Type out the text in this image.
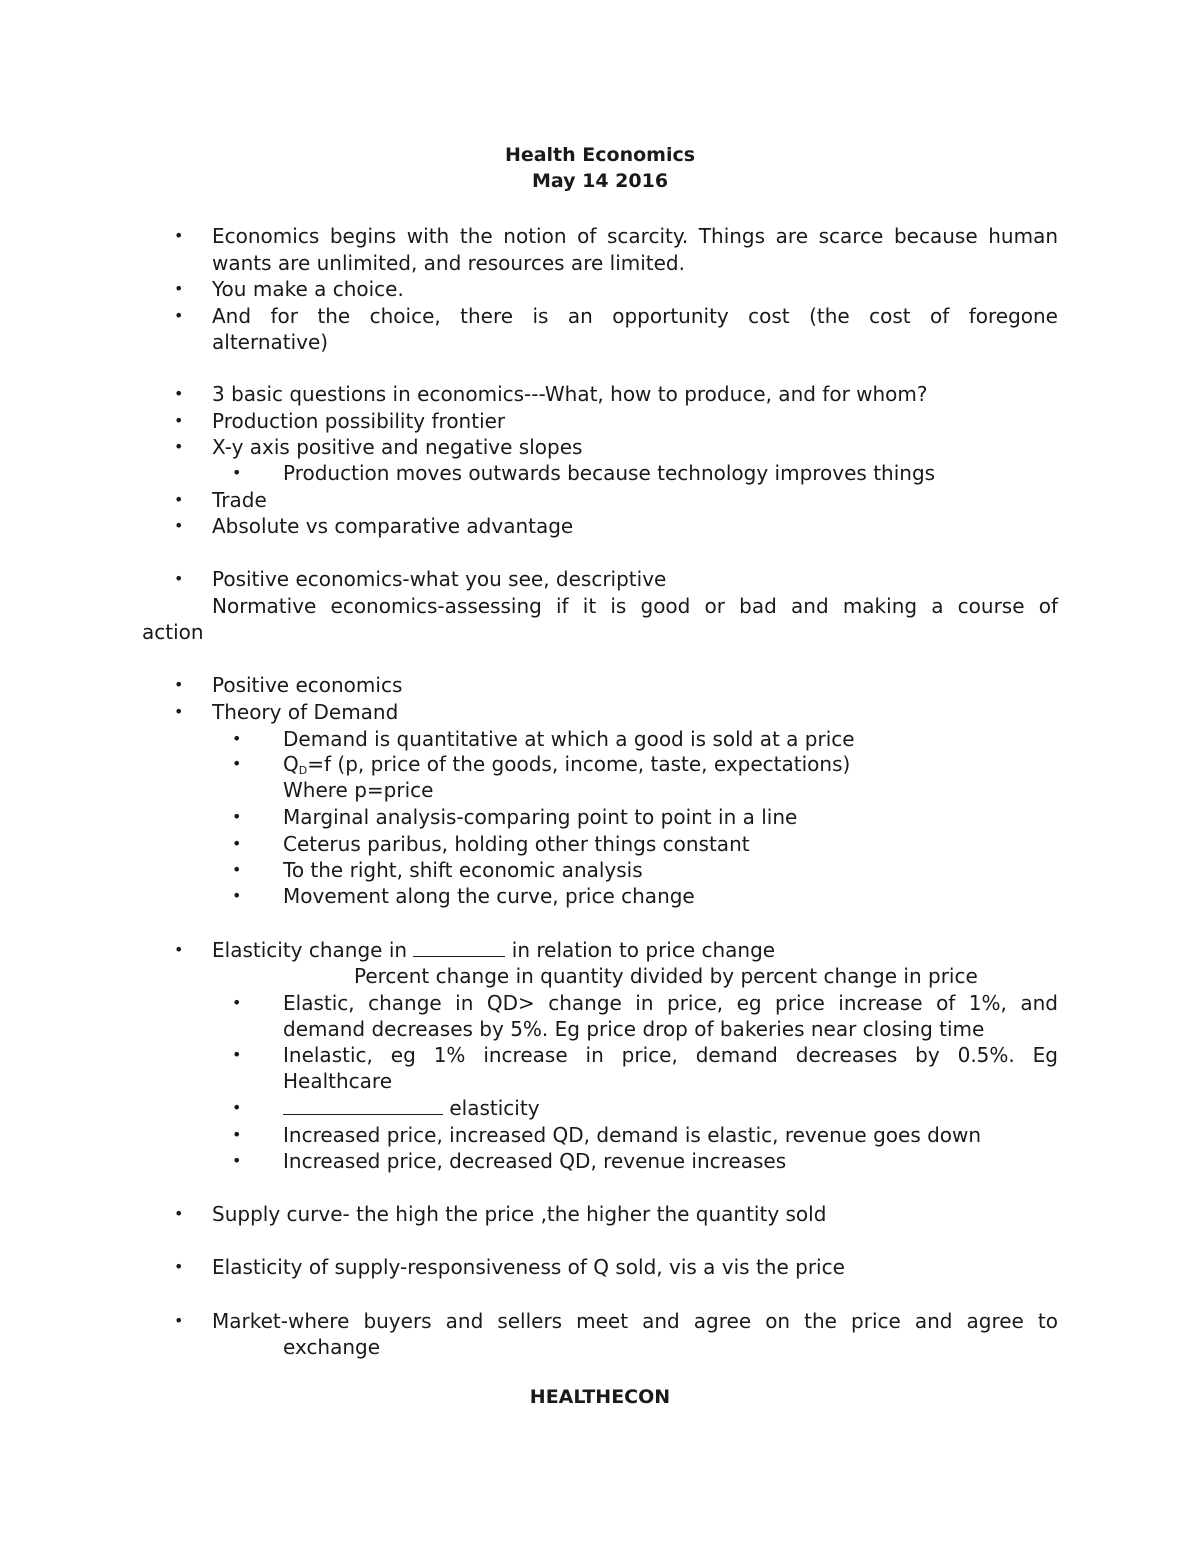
Health Economics
May 14 2016
• Economics begins with the notion of scarcity. Things are scarce because human
wants are unlimited, and resources are limited.
• You make a choice.
• And for the choice, there is an opportunity cost (the cost of foregone
alternative)
• 3 basic questions in economics---What, how to produce, and for whom?
• Production possibility frontier
• X-y axis positive and negative slopes
• Production moves outwards because technology improves things
• Trade
• Absolute vs comparative advantage
• Positive economics-what you see, descriptive
Normative economics-assessing if it is good or bad and making a course of
action
• Positive economics
• Theory of Demand
• Demand is quantitative at which a good is sold at a price
• $Q_D=f$ (p, price of the goods, income, taste, expectations)
Where p=price
• Marginal analysis-comparing point to point in a line
• Ceterus paribus, holding other things constant
• To the right, shift economic analysis
• Movement along the curve, price change
• Elasticity change in	in relation to price change
Percent change in quantity divided by percent change in price
• Elastic, change in QD> change in price, eg price increase of 1%, and
demand decreases by 5%. Eg price drop of bakeries near closing time
• Inelastic, eg 1% increase in price, demand decreases by 0.5%. Eg
Healthcare
•	elasticity
• Increased price, increased QD, demand is elastic, revenue goes down
• Increased price, decreased QD, revenue increases
• Supply curve- the high the price ,the higher the quantity sold
• Elasticity of supply-responsiveness of Q sold, vis a vis the price
• Market-where buyers and sellers meet and agree on the price and agree to
exchange
HEALTHECON
